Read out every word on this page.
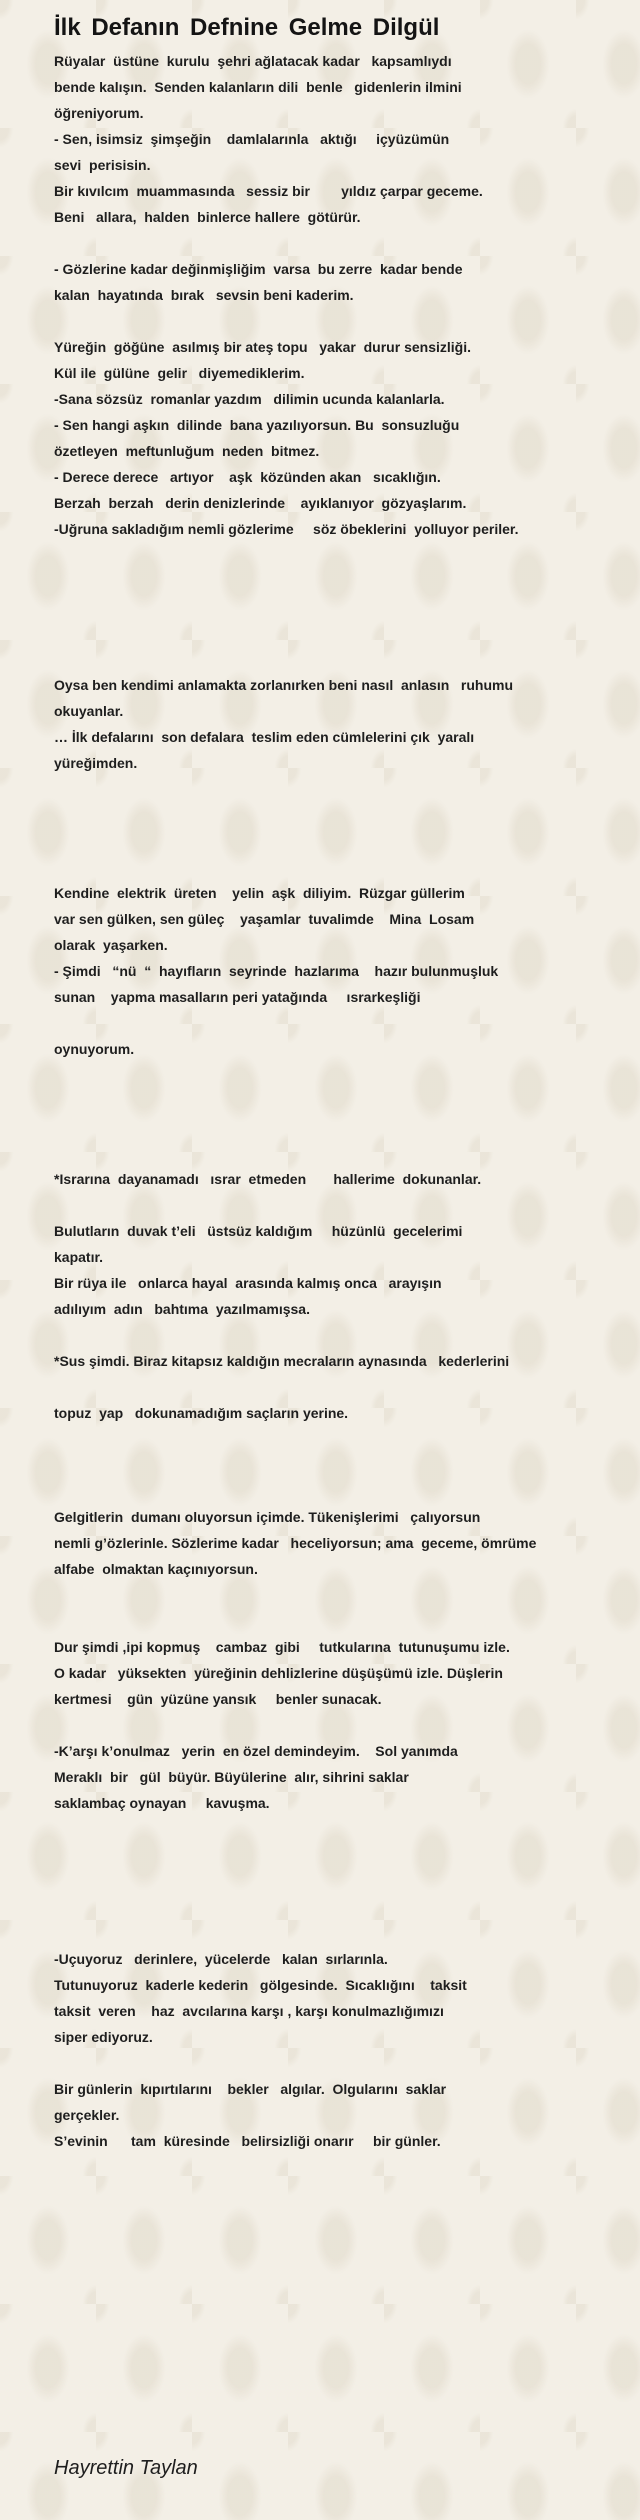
İlk Defanın Defnine Gelme Dilgül
Rüyalar  üstüne  kurulu  şehri ağlatacak kadar   kapsamlıydı
bende kalışın.  Senden kalanların dili  benle   gidenlerin ilmini
öğreniyorum.
- Sen, isimsiz  şimşeğin    damlalarınla   aktığı     içyüzümün
sevi  perisisin.
Bir kıvılcım  muammasında   sessiz bir        yıldız çarpar geceme.
Beni   allara,  halden  binlerce hallere  götürür.
- Gözlerine kadar değinmişliğim  varsa  bu zerre  kadar bende
kalan  hayatında  bırak   sevsin beni kaderim.
Yüreğin  göğüne  asılmış bir ateş topu   yakar  durur sensizliği.
Kül ile  gülüne  gelir   diyemediklerim.
-Sana sözsüz  romanlar yazdım   dilimin ucunda kalanlarla.
- Sen hangi aşkın  dilinde  bana yazılıyorsun. Bu  sonsuzluğu
özetleyen  meftunluğum  neden  bitmez.
- Derece derece   artıyor    aşk  közünden akan   sıcaklığın.
Berzah  berzah   derin denizlerinde    ayıklanıyor  gözyaşlarım.
-Uğruna sakladığım nemli gözlerime     söz öbeklerini  yolluyor periler.
Oysa ben kendimi anlamakta zorlanırken beni nasıl  anlasın   ruhumu
okuyanlar.
… İlk defalarını  son defalara  teslim eden cümlelerini çık  yaralı
yüreğimden.
Kendine  elektrik  üreten    yelin  aşk  diliyim.  Rüzgar güllerim
var sen gülken, sen güleç    yaşamlar  tuvalimde    Mina  Losam
olarak  yaşarken.
- Şimdi   “nü  “  hayıfların  seyrinde  hazlarıma    hazır bulunmuşluk
sunan    yapma masalların peri yatağında     ısrarkeşliği
oynuyorum.
*Israrına  dayanamadı   ısrar  etmeden       hallerime  dokunanlar.
Bulutların  duvak t’eli   üstsüz kaldığım     hüzünlü  gecelerimi
kapatır.
Bir rüya ile   onlarca hayal  arasında kalmış onca   arayışın
adılıyım  adın   bahtıma  yazılmamışsa.
*Sus şimdi. Biraz kitapsız kaldığın mecraların aynasında   kederlerini
topuz  yap   dokunamadığım saçların yerine.
Gelgitlerin  dumanı oluyorsun içimde. Tükenişlerimi   çalıyorsun
nemli g’özlerinle. Sözlerime kadar   heceliyorsun; ama  geceme, ömrüme
alfabe  olmaktan kaçınıyorsun.
Dur şimdi ,ipi kopmuş    cambaz  gibi     tutkularına  tutunuşumu izle.
O kadar   yüksekten  yüreğinin dehlizlerine düşüşümü izle. Düşlerin
kertmesi    gün  yüzüne yansık     benler sunacak.
-K’arşı k’onulmaz   yerin  en özel demindeyim.    Sol yanımda
Meraklı  bir   gül  büyür. Büyülerine  alır, sihrini saklar
saklambaç oynayan     kavuşma.
-Uçuyoruz   derinlere,  yücelerde   kalan  sırlarınla.
Tutunuyoruz  kaderle kederin   gölgesinde.  Sıcaklığını    taksit
taksit  veren    haz  avcılarına karşı , karşı konulmazlığımızı
siper ediyoruz.
Bir günlerin  kıpırtılarını    bekler   algılar.  Olgularını  saklar
gerçekler.
S’evinin      tam  küresinde   belirsizliği onarır     bir günler.

Hayrettin Taylan
